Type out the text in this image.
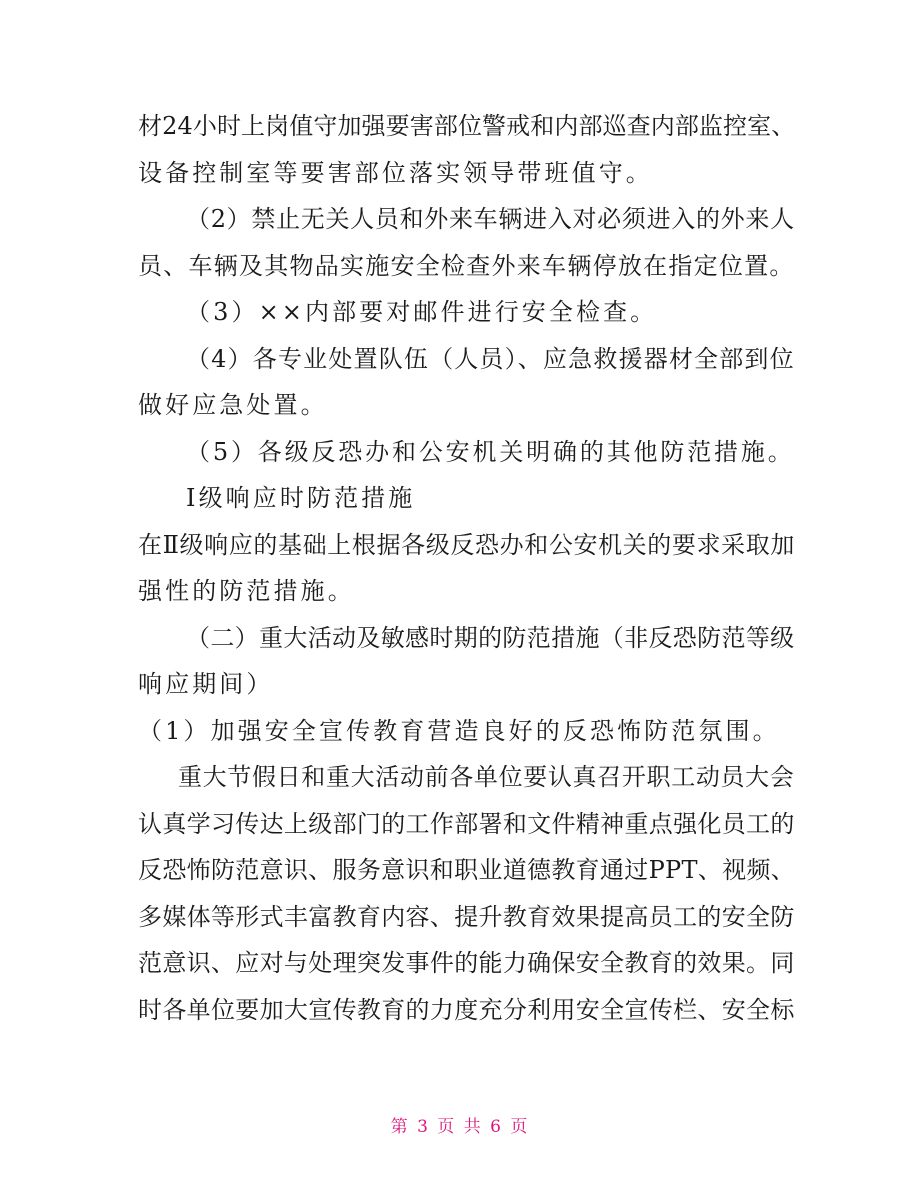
材24小时上岗值守加强要害部位警戒和内部巡查内部监控室、
设备控制室等要害部位落实领导带班值守。
（2）禁止无关人员和外来车辆进入对必须进入的外来人
员、车辆及其物品实施安全检查外来车辆停放在指定位置。
（3）××内部要对邮件进行安全检查。
（4）各专业处置队伍（人员）、应急救援器材全部到位
做好应急处置。
（5）各级反恐办和公安机关明确的其他防范措施。
Ⅰ级响应时防范措施
在Ⅱ级响应的基础上根据各级反恐办和公安机关的要求采取加
强性的防范措施。
（二）重大活动及敏感时期的防范措施（非反恐防范等级
响应期间）
（1）加强安全宣传教育营造良好的反恐怖防范氛围。
重大节假日和重大活动前各单位要认真召开职工动员大会
认真学习传达上级部门的工作部署和文件精神重点强化员工的
反恐怖防范意识、服务意识和职业道德教育通过PPT、视频、
多媒体等形式丰富教育内容、提升教育效果提高员工的安全防
范意识、应对与处理突发事件的能力确保安全教育的效果。同
时各单位要加大宣传教育的力度充分利用安全宣传栏、安全标
第 3 页 共 6 页
